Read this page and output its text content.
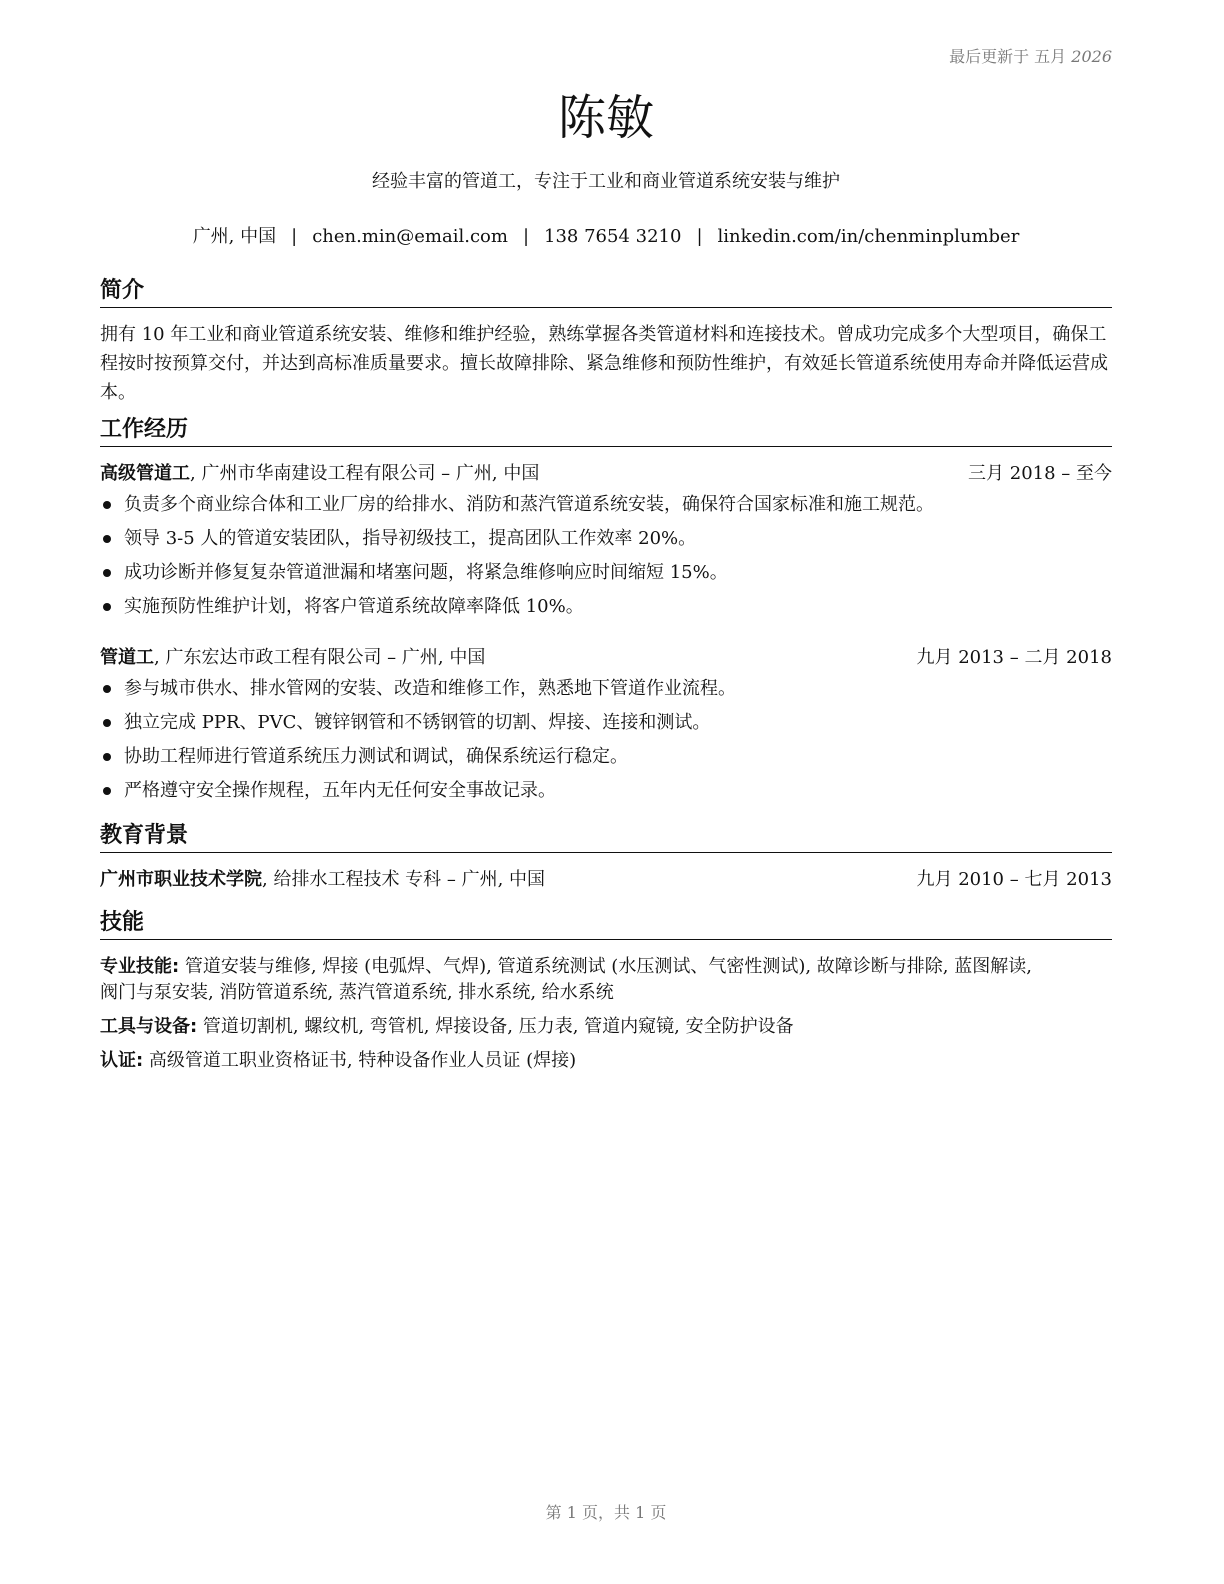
最后更新于 五月 2026
陈敏
经验丰富的管道工，专注于工业和商业管道系统安装与维护
广州, 中国 | chen.min@email.com | 138 7654 3210 | linkedin.com/in/chenminplumber
简介
拥有 10 年工业和商业管道系统安装、维修和维护经验，熟练掌握各类管道材料和连接技术。曾成功完成多个大型项目，确保工程按时按预算交付，并达到高标准质量要求。擅长故障排除、紧急维修和预防性维护，有效延长管道系统使用寿命并降低运营成本。
工作经历
高级管道工, 广州市华南建设工程有限公司 – 广州, 中国	三月 2018 – 至今
负责多个商业综合体和工业厂房的给排水、消防和蒸汽管道系统安装，确保符合国家标准和施工规范。
领导 3-5 人的管道安装团队，指导初级技工，提高团队工作效率 20%。
成功诊断并修复复杂管道泄漏和堵塞问题，将紧急维修响应时间缩短 15%。
实施预防性维护计划，将客户管道系统故障率降低 10%。
管道工, 广东宏达市政工程有限公司 – 广州, 中国	九月 2013 – 二月 2018
参与城市供水、排水管网的安装、改造和维修工作，熟悉地下管道作业流程。
独立完成 PPR、PVC、镀锌钢管和不锈钢管的切割、焊接、连接和测试。
协助工程师进行管道系统压力测试和调试，确保系统运行稳定。
严格遵守安全操作规程，五年内无任何安全事故记录。
教育背景
广州市职业技术学院, 给排水工程技术 专科 – 广州, 中国	九月 2010 – 七月 2013
技能
专业技能: 管道安装与维修, 焊接 (电弧焊、气焊), 管道系统测试 (水压测试、气密性测试), 故障诊断与排除, 蓝图解读,
阀门与泵安装, 消防管道系统, 蒸汽管道系统, 排水系统, 给水系统
工具与设备: 管道切割机, 螺纹机, 弯管机, 焊接设备, 压力表, 管道内窥镜, 安全防护设备
认证: 高级管道工职业资格证书, 特种设备作业人员证 (焊接)
第 1 页，共 1 页
